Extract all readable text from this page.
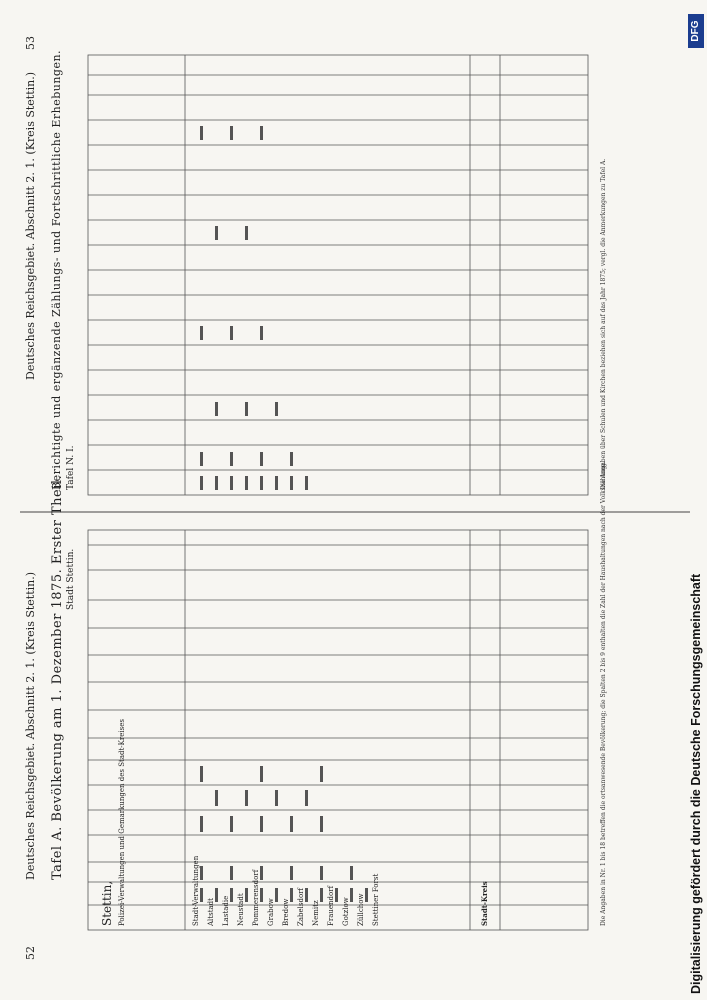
52
Deutsches Reichsgebiet. Abschnitt 2. 1. (Kreis Stettin.) Tafel A. Bevölkerung am 1. Dezember 1875. Erster Theil. Stadt Stettin.
53
Deutsches Reichsgebiet. Abschnitt 2. 1. (Kreis Stettin.) Berichtigte und ergänzende Zählungs- und Fortschrittliche Erhebungen. Tafel N. I.
Stettin, Polizei-Verwaltungen und Gemarkungen des Stadt-Kreises	Stadt-Verwaltungen Altstadt Lastadie Neustadt Pommerensdorf Grabow Bredow Zabelsdorf Nemitz Frauendorf Gotzlow Züllchow Stettiner Forst	Stadt-Kreis	Die Angaben in Nr. 1 bis 18 betreffen die ortsanwesende Bevölkerung; die Spalten 2 bis 9 enthalten die Zahl der Haushaltungen nach der Volkszählung.
Die Angaben über Schulen und Kirchen beziehen sich auf das Jahr 1875; vergl. die Anmerkungen zu Tafel A.
DFG
Digitalisierung gefördert durch die Deutsche Forschungsgemeinschaft
